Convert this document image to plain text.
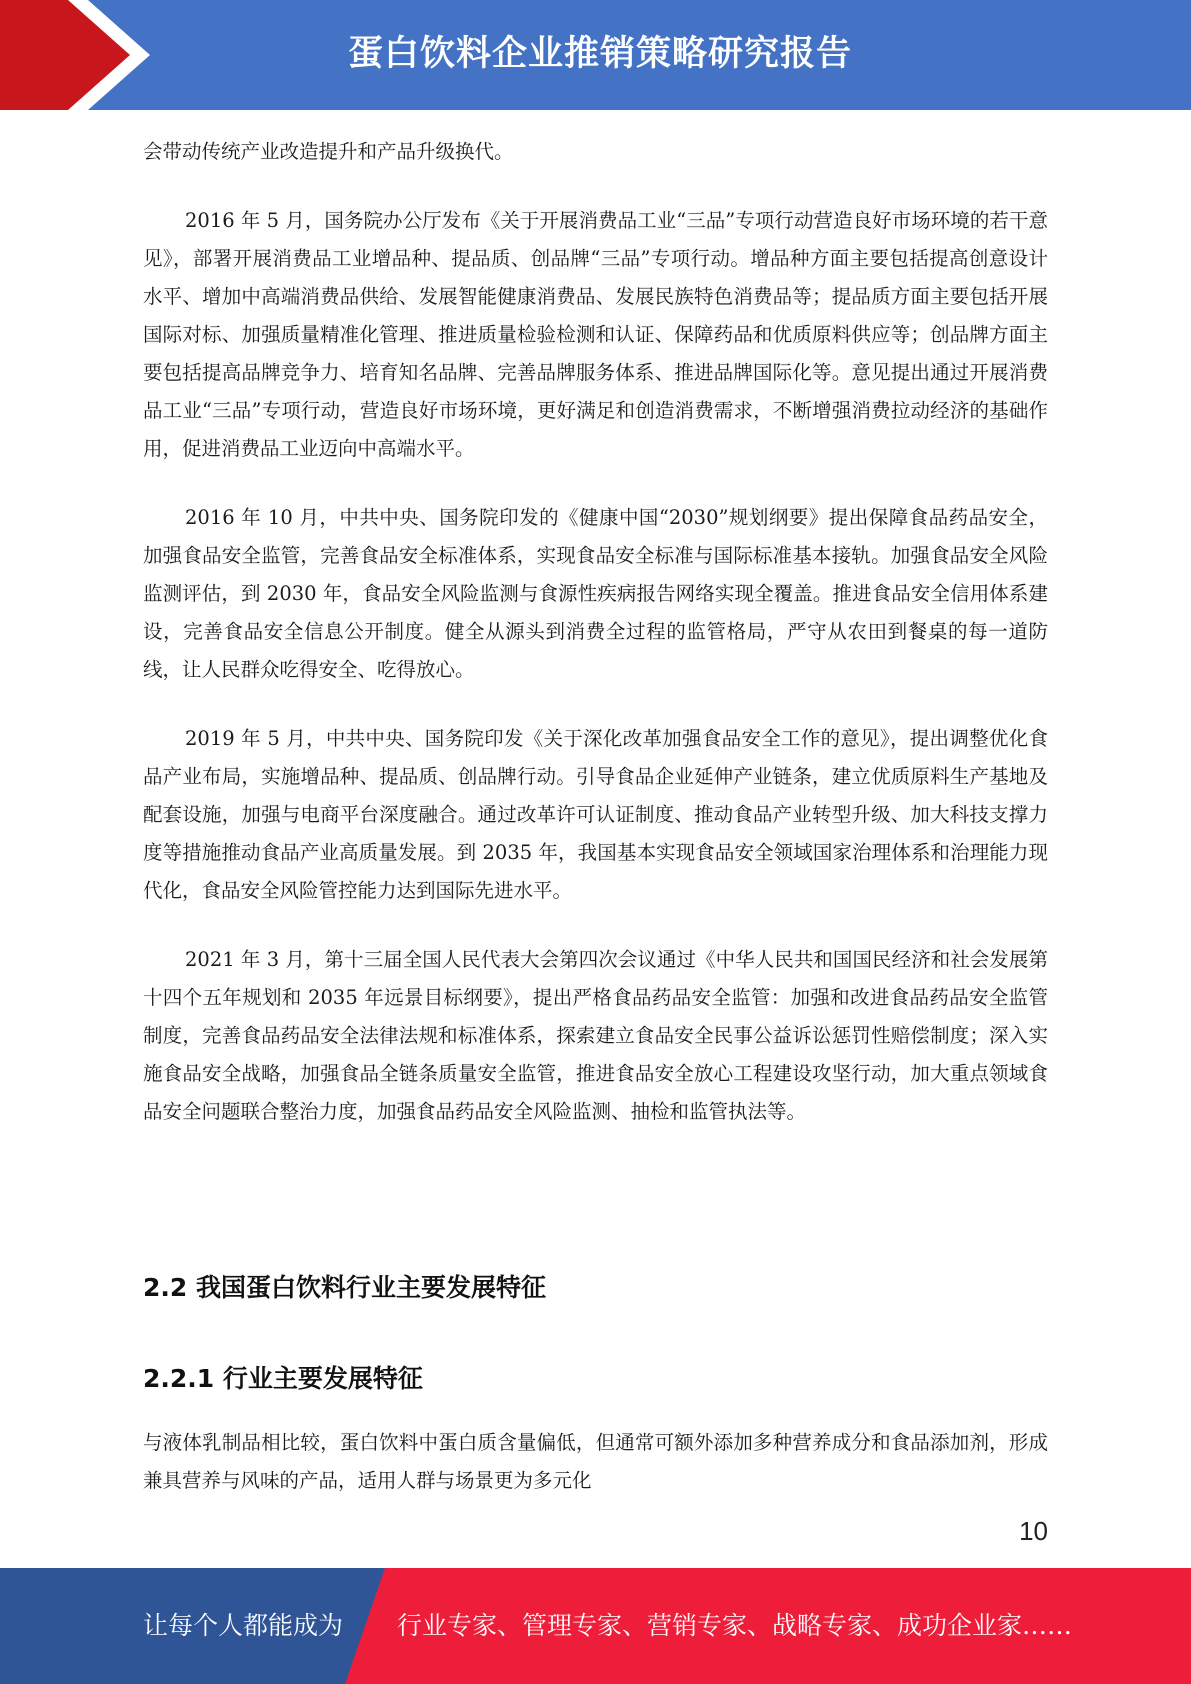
蛋白饮料企业推销策略研究报告

会带动传统产业改造提升和产品升级换代。

2016 年 5 月，国务院办公厅发布《关于开展消费品工业“三品”专项行动营造良好市场环境的若干意见》，部署开展消费品工业增品种、提品质、创品牌“三品”专项行动。增品种方面主要包括提高创意设计水平、增加中高端消费品供给、发展智能健康消费品、发展民族特色消费品等；提品质方面主要包括开展国际对标、加强质量精准化管理、推进质量检验检测和认证、保障药品和优质原料供应等；创品牌方面主要包括提高品牌竞争力、培育知名品牌、完善品牌服务体系、推进品牌国际化等。意见提出通过开展消费品工业“三品”专项行动，营造良好市场环境，更好满足和创造消费需求，不断增强消费拉动经济的基础作用，促进消费品工业迈向中高端水平。

2016 年 10 月，中共中央、国务院印发的《健康中国“2030”规划纲要》提出保障食品药品安全，加强食品安全监管，完善食品安全标准体系，实现食品安全标准与国际标准基本接轨。加强食品安全风险监测评估，到 2030 年，食品安全风险监测与食源性疾病报告网络实现全覆盖。推进食品安全信用体系建设，完善食品安全信息公开制度。健全从源头到消费全过程的监管格局，严守从农田到餐桌的每一道防线，让人民群众吃得安全、吃得放心。

2019 年 5 月，中共中央、国务院印发《关于深化改革加强食品安全工作的意见》，提出调整优化食品产业布局，实施增品种、提品质、创品牌行动。引导食品企业延伸产业链条，建立优质原料生产基地及配套设施，加强与电商平台深度融合。通过改革许可认证制度、推动食品产业转型升级、加大科技支撑力度等措施推动食品产业高质量发展。到 2035 年，我国基本实现食品安全领域国家治理体系和治理能力现代化，食品安全风险管控能力达到国际先进水平。

2021 年 3 月，第十三届全国人民代表大会第四次会议通过《中华人民共和国国民经济和社会发展第十四个五年规划和 2035 年远景目标纲要》，提出严格食品药品安全监管：加强和改进食品药品安全监管制度，完善食品药品安全法律法规和标准体系，探索建立食品安全民事公益诉讼惩罚性赔偿制度；深入实施食品安全战略，加强食品全链条质量安全监管，推进食品安全放心工程建设攻坚行动，加大重点领域食品安全问题联合整治力度，加强食品药品安全风险监测、抽检和监管执法等。

2.2 我国蛋白饮料行业主要发展特征
2.2.1 行业主要发展特征

与液体乳制品相比较，蛋白饮料中蛋白质含量偏低，但通常可额外添加多种营养成分和食品添加剂，形成兼具营养与风味的产品，适用人群与场景更为多元化

10
让每个人都能成为 行业专家、管理专家、营销专家、战略专家、成功企业家……
